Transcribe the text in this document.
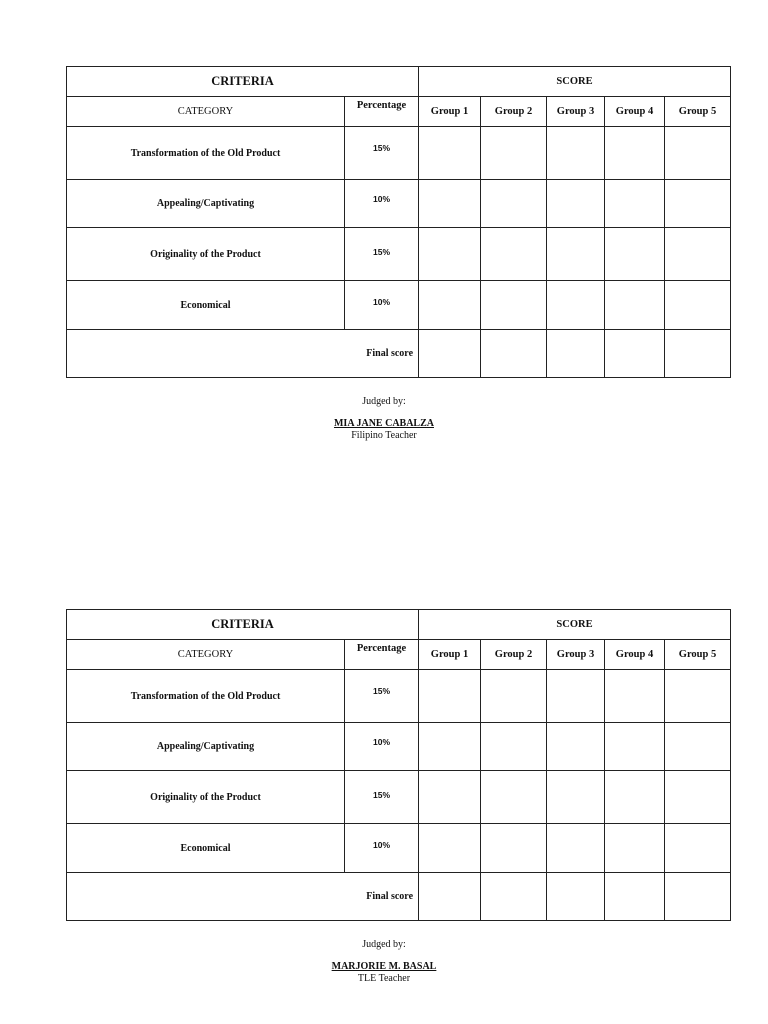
CRITERIA		SCORE				
CATEGORY	Percentage	Group 1	Group 2	Group 3	Group 4	Group 5
Transformation of the Old Product	15%					
Appealing/Captivating	10%					
Originality of the Product	15%					
Economical	10%					
Final score						
Judged by:
MIA JANE CABALZA
Filipino Teacher
CRITERIA		SCORE				
CATEGORY	Percentage	Group 1	Group 2	Group 3	Group 4	Group 5
Transformation of the Old Product	15%					
Appealing/Captivating	10%					
Originality of the Product	15%					
Economical	10%					
Final score						
Judged by:
MARJORIE M. BASAL
TLE Teacher
